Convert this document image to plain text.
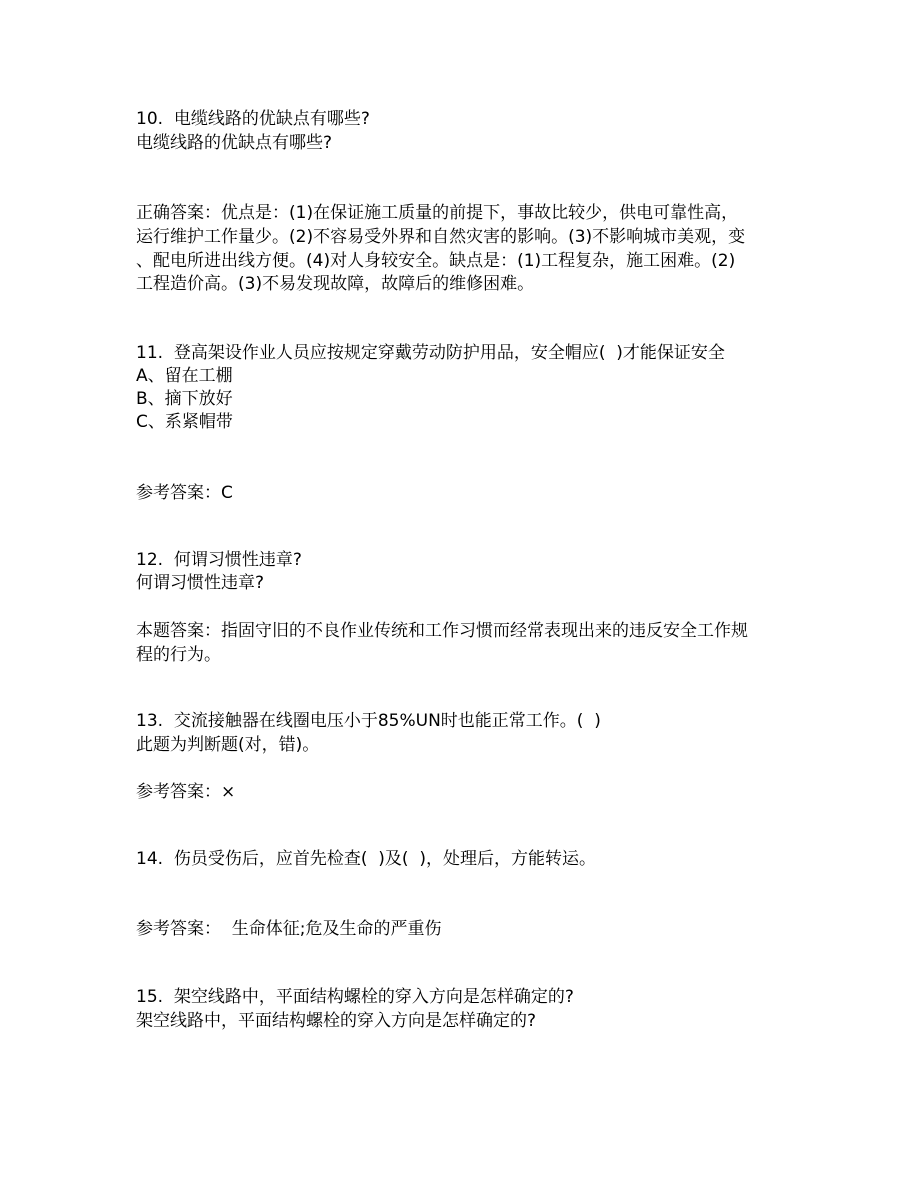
10.  电缆线路的优缺点有哪些?

电缆线路的优缺点有哪些?

正确答案：优点是：(1)在保证施工质量的前提下，事故比较少，供电可靠性高，

运行维护工作量少。(2)不容易受外界和自然灾害的影响。(3)不影响城市美观，变

、配电所进出线方便。(4)对人身较安全。缺点是：(1)工程复杂，施工困难。(2)

工程造价高。(3)不易发现故障，故障后的维修困难。

11.  登高架设作业人员应按规定穿戴劳动防护用品，安全帽应(  )才能保证安全

A、留在工棚

B、摘下放好

C、系紧帽带

参考答案：C

12.  何谓习惯性违章?

何谓习惯性违章?

本题答案：指固守旧的不良作业传统和工作习惯而经常表现出来的违反安全工作规

程的行为。

13.  交流接触器在线圈电压小于85%UN时也能正常工作。(  )

此题为判断题(对，错)。

参考答案：×

14.  伤员受伤后，应首先检查(  )及(  )，处理后，方能转运。

参考答案：  生命体征;危及生命的严重伤

15.  架空线路中，平面结构螺栓的穿入方向是怎样确定的?

架空线路中，平面结构螺栓的穿入方向是怎样确定的?
